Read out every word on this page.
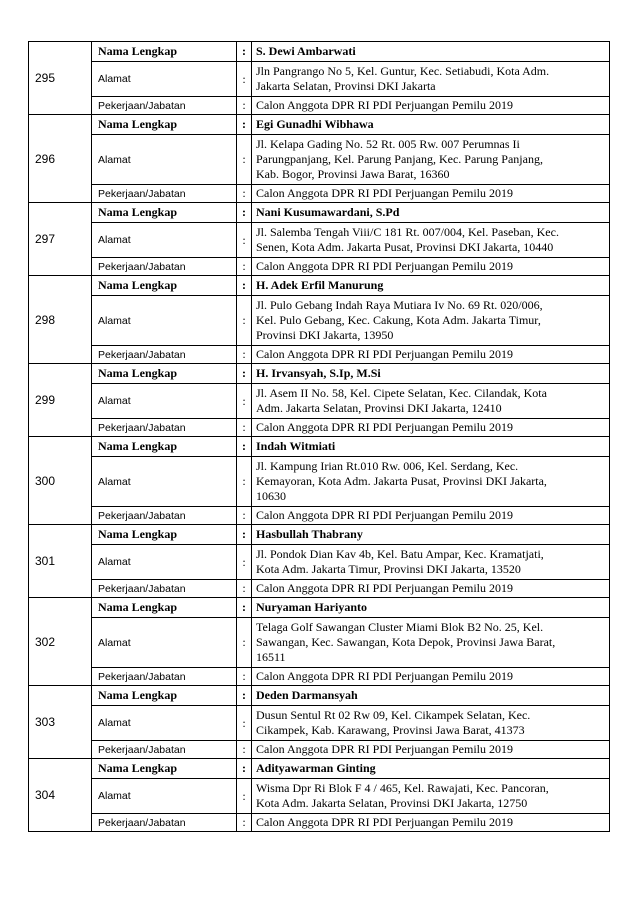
295	Nama Lengkap	:	S. Dewi Ambarwati
	Alamat	:	Jln Pangrango No 5, Kel. Guntur, Kec. Setiabudi, Kota Adm.
Jakarta Selatan, Provinsi DKI Jakarta

	Pekerjaan/Jabatan	:	Calon Anggota DPR RI PDI Perjuangan Pemilu 2019
296	Nama Lengkap	:	Egi Gunadhi Wibhawa
	Alamat	:	Jl. Kelapa Gading No. 52 Rt. 005 Rw. 007 Perumnas Ii
Parungpanjang, Kel. Parung Panjang, Kec. Parung Panjang,
Kab. Bogor, Provinsi Jawa Barat, 16360

	Pekerjaan/Jabatan	:	Calon Anggota DPR RI PDI Perjuangan Pemilu 2019
297	Nama Lengkap	:	Nani Kusumawardani, S.Pd
	Alamat	:	Jl. Salemba Tengah Viii/C 181 Rt. 007/004, Kel. Paseban, Kec.
Senen, Kota Adm. Jakarta Pusat, Provinsi DKI Jakarta, 10440

	Pekerjaan/Jabatan	:	Calon Anggota DPR RI PDI Perjuangan Pemilu 2019
298	Nama Lengkap	:	H. Adek Erfil Manurung
	Alamat	:	Jl. Pulo Gebang Indah Raya Mutiara Iv No. 69 Rt. 020/006,
Kel. Pulo Gebang, Kec. Cakung, Kota Adm. Jakarta Timur,
Provinsi DKI Jakarta, 13950

	Pekerjaan/Jabatan	:	Calon Anggota DPR RI PDI Perjuangan Pemilu 2019
299	Nama Lengkap	:	H. Irvansyah, S.Ip, M.Si
	Alamat	:	Jl. Asem II No. 58, Kel. Cipete Selatan, Kec. Cilandak, Kota
Adm. Jakarta Selatan, Provinsi DKI Jakarta, 12410

	Pekerjaan/Jabatan	:	Calon Anggota DPR RI PDI Perjuangan Pemilu 2019
300	Nama Lengkap	:	Indah Witmiati
	Alamat	:	Jl. Kampung Irian Rt.010 Rw. 006, Kel. Serdang, Kec.
Kemayoran, Kota Adm. Jakarta Pusat, Provinsi DKI Jakarta,
10630

	Pekerjaan/Jabatan	:	Calon Anggota DPR RI PDI Perjuangan Pemilu 2019
301	Nama Lengkap	:	Hasbullah Thabrany
	Alamat	:	Jl. Pondok Dian Kav 4b, Kel. Batu Ampar, Kec. Kramatjati,
Kota Adm. Jakarta Timur, Provinsi DKI Jakarta, 13520

	Pekerjaan/Jabatan	:	Calon Anggota DPR RI PDI Perjuangan Pemilu 2019
302	Nama Lengkap	:	Nuryaman Hariyanto
	Alamat	:	Telaga Golf Sawangan Cluster Miami Blok B2 No. 25, Kel.
Sawangan, Kec. Sawangan, Kota Depok, Provinsi Jawa Barat,
16511

	Pekerjaan/Jabatan	:	Calon Anggota DPR RI PDI Perjuangan Pemilu 2019
303	Nama Lengkap	:	Deden Darmansyah
	Alamat	:	Dusun Sentul Rt 02 Rw 09, Kel. Cikampek Selatan, Kec.
Cikampek, Kab. Karawang, Provinsi Jawa Barat, 41373

	Pekerjaan/Jabatan	:	Calon Anggota DPR RI PDI Perjuangan Pemilu 2019
304	Nama Lengkap	:	Adityawarman Ginting
	Alamat	:	Wisma Dpr Ri Blok F 4 / 465, Kel. Rawajati, Kec. Pancoran,
Kota Adm. Jakarta Selatan, Provinsi DKI Jakarta, 12750

	Pekerjaan/Jabatan	:	Calon Anggota DPR RI PDI Perjuangan Pemilu 2019
